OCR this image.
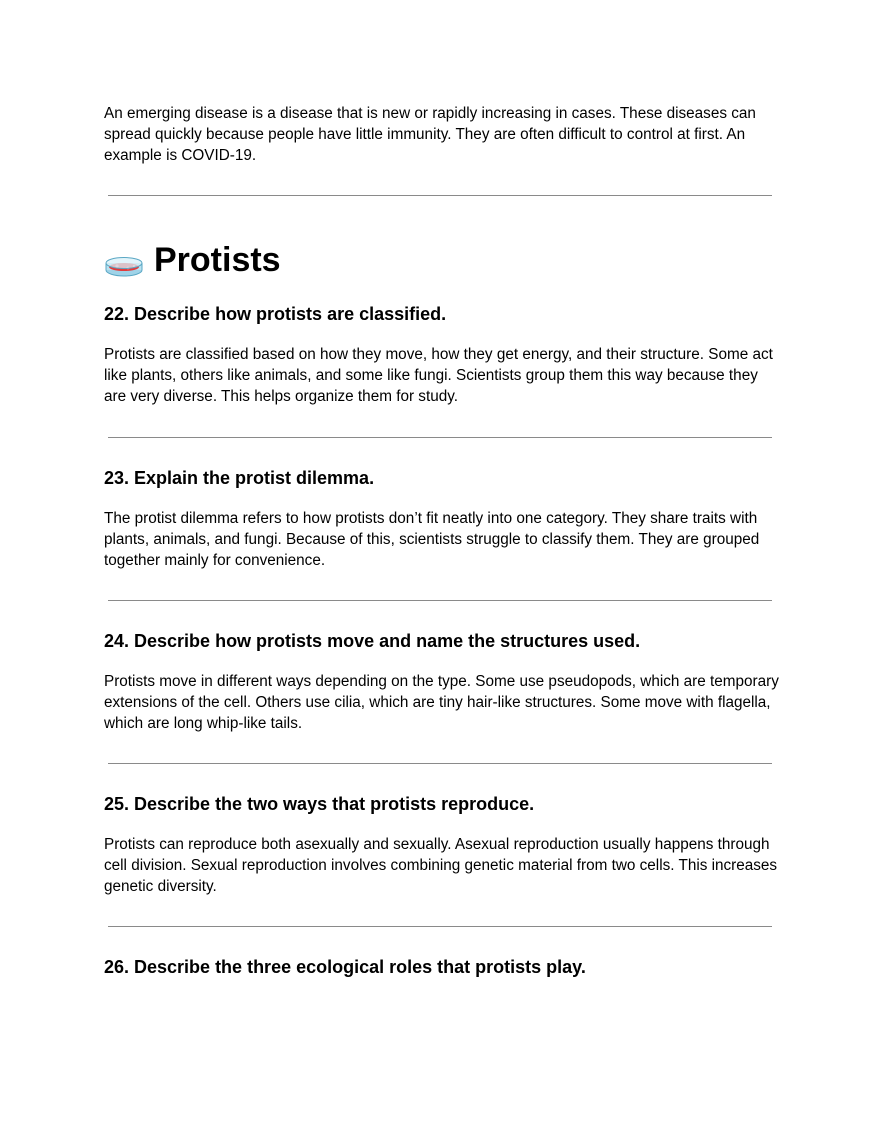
An emerging disease is a disease that is new or rapidly increasing in cases. These diseases can spread quickly because people have little immunity. They are often difficult to control at first. An example is COVID-19.

Protists
22. Describe how protists are classified.

Protists are classified based on how they move, how they get energy, and their structure. Some act like plants, others like animals, and some like fungi. Scientists group them this way because they are very diverse. This helps organize them for study.

23. Explain the protist dilemma.

The protist dilemma refers to how protists don’t fit neatly into one category. They share traits with plants, animals, and fungi. Because of this, scientists struggle to classify them. They are grouped together mainly for convenience.

24. Describe how protists move and name the structures used.

Protists move in different ways depending on the type. Some use pseudopods, which are temporary extensions of the cell. Others use cilia, which are tiny hair-like structures. Some move with flagella, which are long whip-like tails.

25. Describe the two ways that protists reproduce.

Protists can reproduce both asexually and sexually. Asexual reproduction usually happens through cell division. Sexual reproduction involves combining genetic material from two cells. This increases genetic diversity.

26. Describe the three ecological roles that protists play.
